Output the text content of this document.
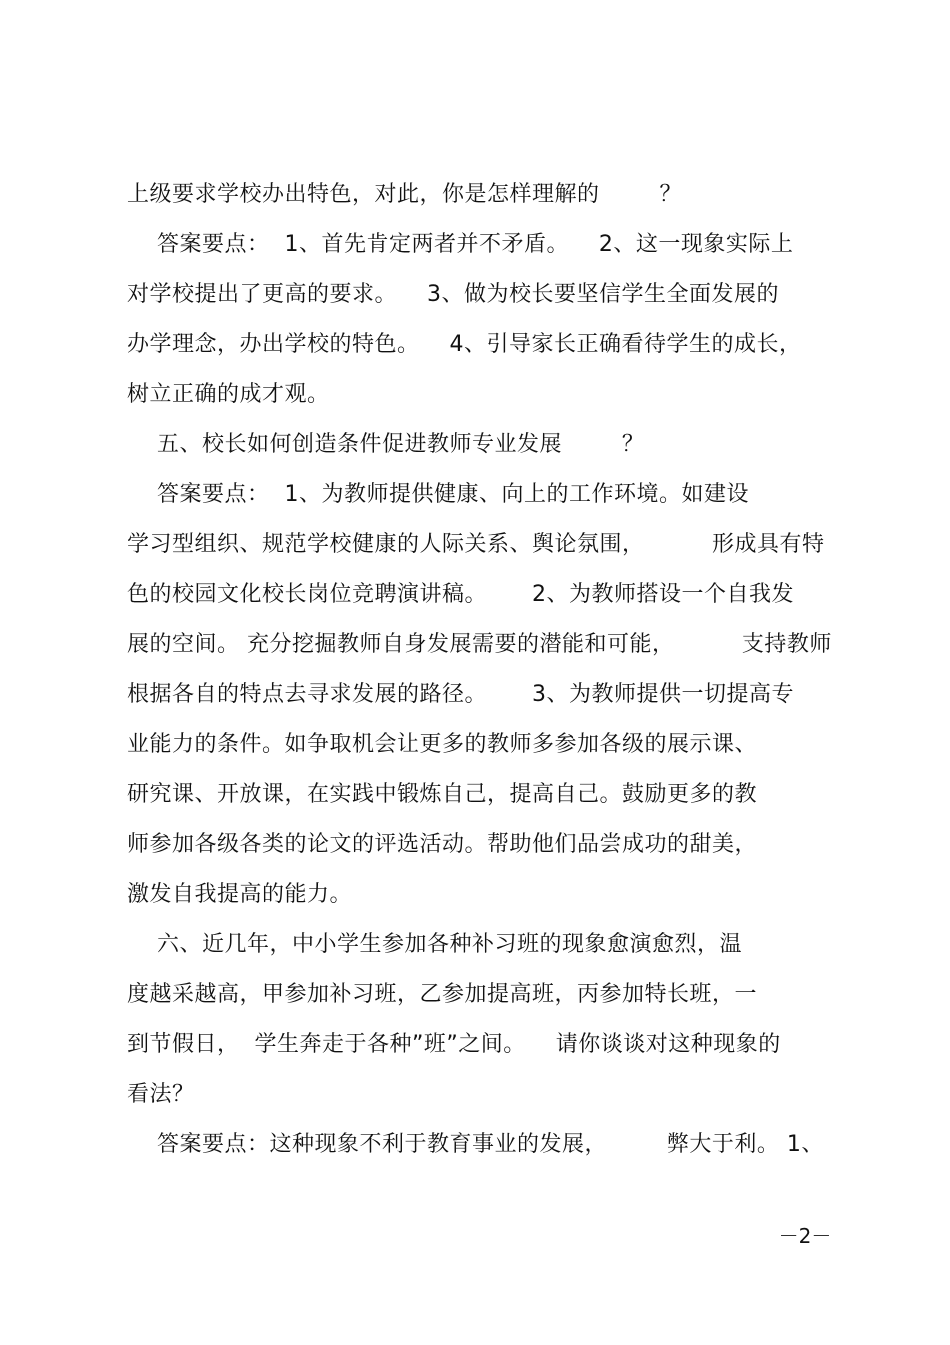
上级要求学校办出特色，对此，你是怎样理解的        ？
答案要点：  1、首先肯定两者并不矛盾。    2、这一现象实际上
对学校提出了更高的要求。    3、做为校长要坚信学生全面发展的
办学理念，办出学校的特色。    4、引导家长正确看待学生的成长，
树立正确的成才观。
五、校长如何创造条件促进教师专业发展        ？
答案要点：  1、为教师提供健康、向上的工作环境。如建设
学习型组织、规范学校健康的人际关系、舆论氛围，         形成具有特
色的校园文化校长岗位竞聘演讲稿。      2、为教师搭设一个自我发
展的空间。 充分挖掘教师自身发展需要的潜能和可能，         支持教师
根据各自的特点去寻求发展的路径。      3、为教师提供一切提高专
业能力的条件。如争取机会让更多的教师多参加各级的展示课、
研究课、开放课，在实践中锻炼自己，提高自己。鼓励更多的教
师参加各级各类的论文的评选活动。帮助他们品尝成功的甜美，
激发自我提高的能力。
六、近几年，中小学生参加各种补习班的现象愈演愈烈，温
度越采越高，甲参加补习班，乙参加提高班，丙参加特长班，一
到节假日，  学生奔走于各种”班”之间。    请你谈谈对这种现象的
看法？
答案要点：这种现象不利于教育事业的发展，        弊大于利。 1、
－2－
